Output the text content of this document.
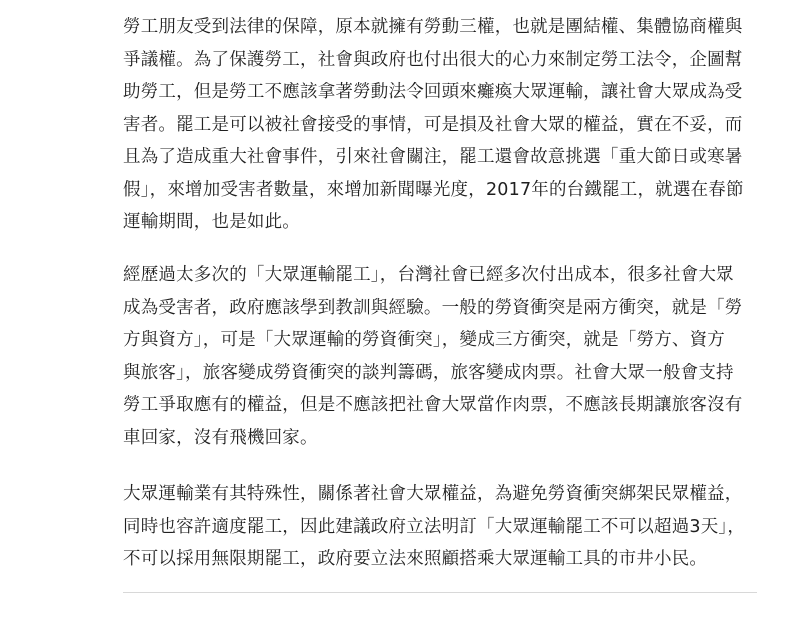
勞工朋友受到法律的保障，原本就擁有勞動三權，也就是團結權、集體協商權與
爭議權。為了保護勞工，社會與政府也付出很大的心力來制定勞工法令，企圖幫
助勞工，但是勞工不應該拿著勞動法令回頭來癱瘓大眾運輸，讓社會大眾成為受
害者。罷工是可以被社會接受的事情，可是損及社會大眾的權益，實在不妥，而
且為了造成重大社會事件，引來社會關注，罷工還會故意挑選「重大節日或寒暑
假」，來增加受害者數量，來增加新聞曝光度，2017年的台鐵罷工，就選在春節
運輸期間，也是如此。

經歷過太多次的「大眾運輸罷工」，台灣社會已經多次付出成本，很多社會大眾
成為受害者，政府應該學到教訓與經驗。一般的勞資衝突是兩方衝突，就是「勞
方與資方」，可是「大眾運輸的勞資衝突」，變成三方衝突，就是「勞方、資方
與旅客」，旅客變成勞資衝突的談判籌碼，旅客變成肉票。社會大眾一般會支持
勞工爭取應有的權益，但是不應該把社會大眾當作肉票，不應該長期讓旅客沒有
車回家，沒有飛機回家。

大眾運輸業有其特殊性，關係著社會大眾權益，為避免勞資衝突綁架民眾權益，
同時也容許適度罷工，因此建議政府立法明訂「大眾運輸罷工不可以超過3天」，
不可以採用無限期罷工，政府要立法來照顧搭乘大眾運輸工具的市井小民。
